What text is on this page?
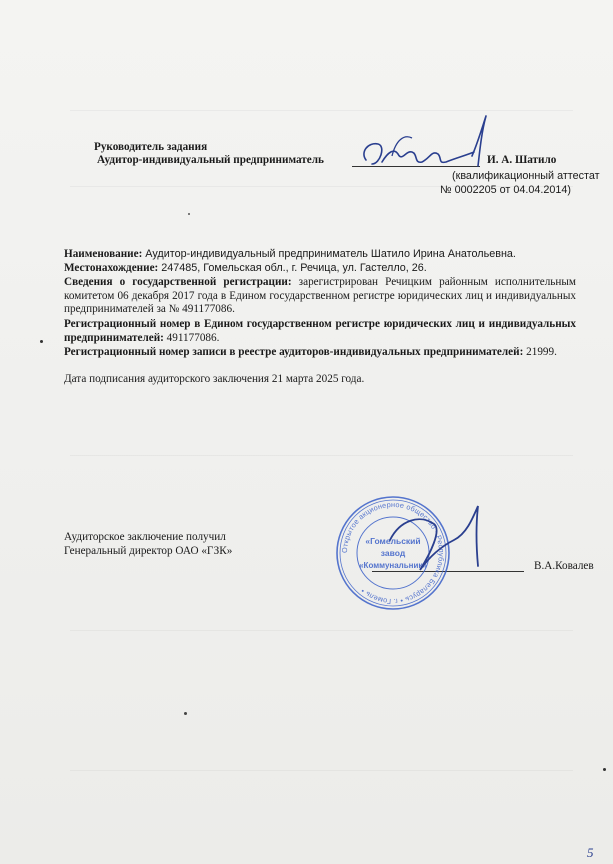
Руководитель задания
Аудитор-индивидуальный предприниматель	И. А. Шатило
(квалификационный аттестат
№ 0002205 от 04.04.2014)
Наименование: Аудитор-индивидуальный предприниматель Шатило Ирина Анатольевна.
Местонахождение: 247485, Гомельская обл., г. Речица, ул. Гастелло, 26.
Сведения о государственной регистрации: зарегистрирован Речицким районным исполнительным комитетом 06 декабря 2017 года в Едином государственном регистре юридических лиц и индивидуальных предпринимателей за № 491177086.
Регистрационный номер в Едином государственном регистре юридических лиц и индивидуальных предпринимателей: 491177086.
Регистрационный номер записи в реестре аудиторов-индивидуальных предпринимателей: 21999.
Дата подписания аудиторского заключения 21 марта 2025 года.
Аудиторское заключение получил
Генеральный директор ОАО «ГЗК»
В.А.Ковалев
Открытое акционерное общество • Республика Беларусь • г. Гомель •
«Гомельский
завод
«Коммунальник»
5
